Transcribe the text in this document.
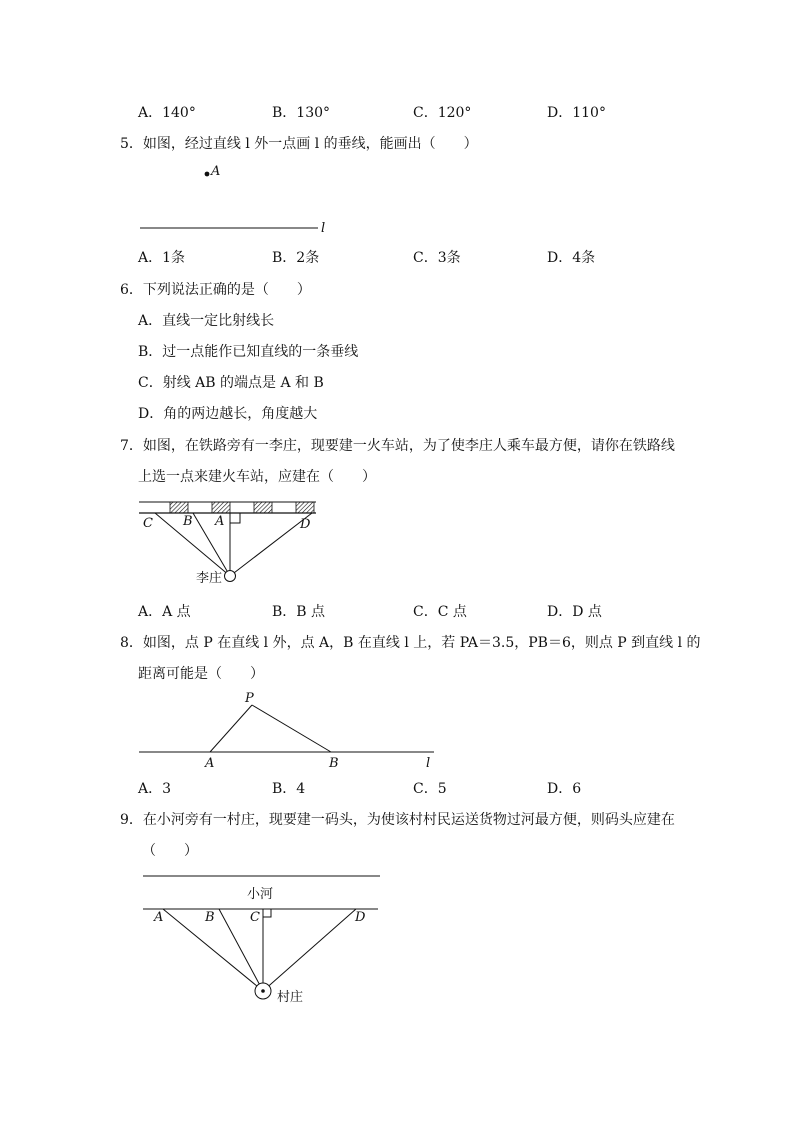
A．140°	B．130°	C．120°	D．110°
5．如图，经过直线 l 外一点画 l 的垂线，能画出（　　）
A
l
A．1条	B．2条	C．3条	D．4条
6．下列说法正确的是（　　）
A．直线一定比射线长
B．过一点能作已知直线的一条垂线
C．射线 AB 的端点是 A 和 B
D．角的两边越长，角度越大
7．如图，在铁路旁有一李庄，现要建一火车站，为了使李庄人乘车最方便，请你在铁路线
上选一点来建火车站，应建在（　　）
C B A	D
李庄
A．A 点	B．B 点	C．C 点	D．D 点
8．如图，点 P 在直线 l 外，点 A，B 在直线 l 上，若 PA＝3.5，PB＝6，则点 P 到直线 l 的
距离可能是（　　）
P
A	B	l
A．3	B．4	C．5	D．6
9．在小河旁有一村庄，现要建一码头，为使该村村民运送货物过河最方便，则码头应建在
（　　）
小河
A	B	C	D
村庄
